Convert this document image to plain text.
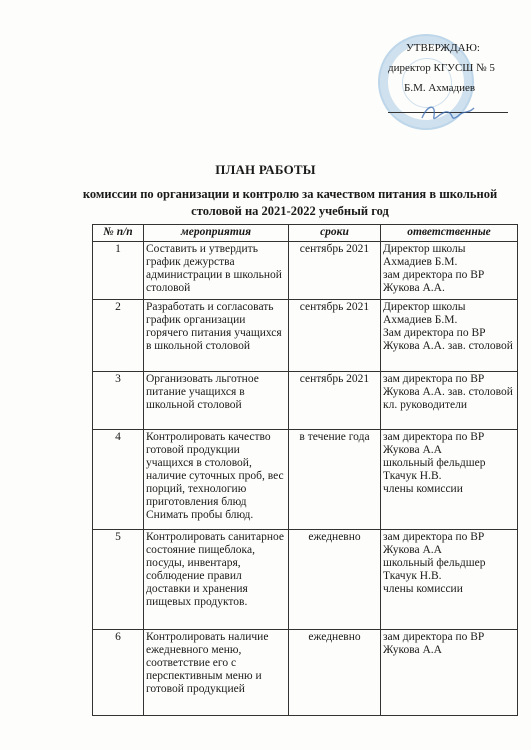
УТВЕРЖДАЮ:
директор КГУСШ № 5
Б.М. Ахмадиев
ПЛАН РАБОТЫ
комиссии по организации и контролю за качеством питания в школьной
столовой на 2021-2022 учебный год
№ п/п	мероприятия	сроки	ответственные
1	Составить и утвердить график дежурства администрации в школьной столовой	сентябрь 2021	Директор школы
Ахмадиев Б.М.
зам директора по ВР
Жукова А.А.

2	Разработать и согласовать график организации горячего питания учащихся в школьной столовой	сентябрь 2021	Директор школы
Ахмадиев Б.М.
Зам директора по ВР
Жукова А.А. зав. столовой

3	Организовать льготное питание учащихся в школьной столовой	сентябрь 2021	зам директора по ВР
Жукова А.А. зав. столовой
кл. руководители

4	Контролировать качество готовой продукции учащихся в столовой, наличие суточных проб, вес порций, технологию приготовления блюд Снимать пробы блюд.	в течение года	зам директора по ВР
Жукова А.А
школьный фельдшер
Ткачук Н.В.
члены комиссии

5	Контролировать санитарное состояние пищеблока, посуды, инвентаря, соблюдение правил доставки и хранения пищевых продуктов.	ежедневно	зам директора по ВР
Жукова А.А
школьный фельдшер
Ткачук Н.В.
члены комиссии

6	Контролировать наличие ежедневного меню, соответствие его с перспективным меню и готовой продукцией	ежедневно	зам директора по ВР
Жукова А.А
